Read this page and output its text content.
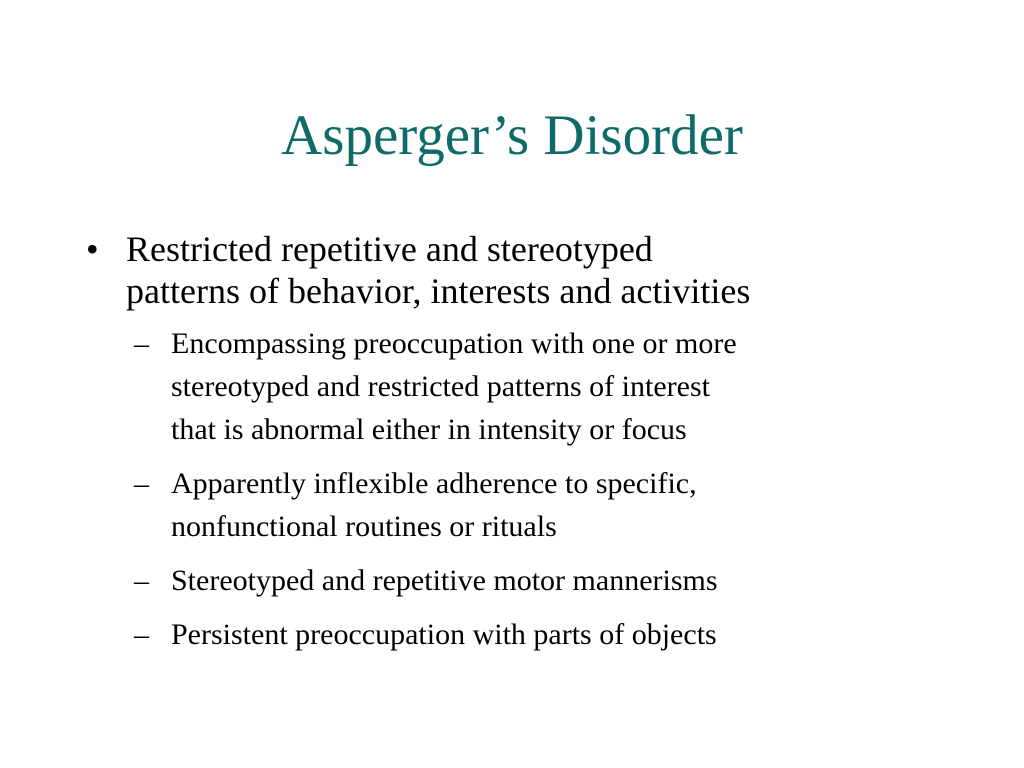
Asperger’s Disorder
• Restricted repetitive and stereotyped
patterns of behavior, interests and activities
– Encompassing preoccupation with one or more
stereotyped and restricted patterns of interest
that is abnormal either in intensity or focus
– Apparently inflexible adherence to specific,
nonfunctional routines or rituals
– Stereotyped and repetitive motor mannerisms
– Persistent preoccupation with parts of objects
